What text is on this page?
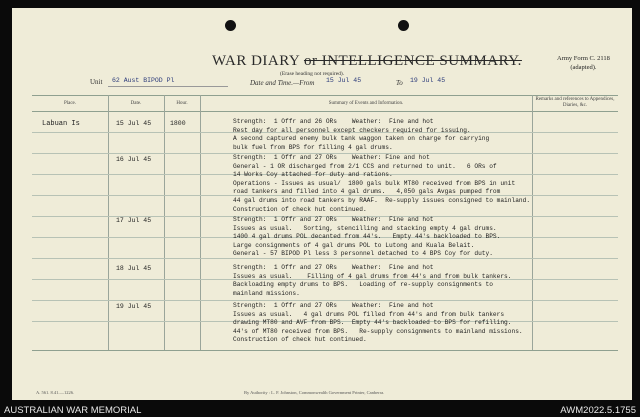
WAR DIARY or INTELLIGENCE SUMMARY.
(Erase heading not required).
Army Form C. 2118
(adapted).
Unit 62 Aust BIPOD Pl	Date and Time.—From 15 Jul 45	To 19 Jul 45
Place.	Date.	Hour.	Summary of Events and Information.
Remarks and references to Appendices, Diaries, &c.
Labuan Is	15 Jul 45	1800	Strength:  1 Offr and 26 ORs    Weather:  Fine and hot
Rest day for all personnel except checkers required for issuing.
A second captured enemy bulk tank waggon taken on charge for carrying
bulk fuel from BPS for filling 4 gal drums.
16 Jul 45	Strength:  1 Offr and 27 ORs    Weather: Fine and hot
General - 1 OR discharged from 2/1 CCS and returned to unit.   6 ORs of
14 Works Coy attached for duty and rations.
Operations - Issues as usual/  1800 gals bulk MT80 received from BPS in unit
road tankers and filled into 4 gal drums.   4,050 gals Avgas pumped from
44 gal drums into road tankers by RAAF.  Re-supply issues consigned to mainland.
Construction of check hut continued.
17 Jul 45	Strength:  1 Offr and 27 ORs    Weather:  Fine and hot
Issues as usual.   Sorting, stencilling and stacking empty 4 gal drums.
1400 4 gal drums POL decanted from 44's.   Empty 44's backloaded to BPS.
Large consignments of 4 gal drums POL to Lutong and Kuala Belait.
General - 57 BIPOD Pl less 3 personnel detached to 4 BPS Coy for duty.
18 Jul 45	Strength:  1 Offr and 27 ORs    Weather:  Fine and hot
Issues as usual.    Filling of 4 gal drums from 44's and from bulk tankers.
Backloading empty drums to BPS.   Loading of re-supply consignments to
mainland missions.
19 Jul 45	Strength:  1 Offr and 27 ORs    Weather:  Fine and hot
Issues as usual.   4 gal drums POL filled from 44's and from bulk tankers
drawing MT80 and AVF from BPS.  Empty 44's backloaded to BPS for refilling.
44's of MT80 received from BPS.   Re-supply consignments to mainland missions.
Construction of check hut continued.
A. 561. 8.41.—1226.	By Authority : L. F. Johnston, Commonwealth Government Printer, Canberra.
AUSTRALIAN WAR MEMORIAL	AWM2022.5.1755
